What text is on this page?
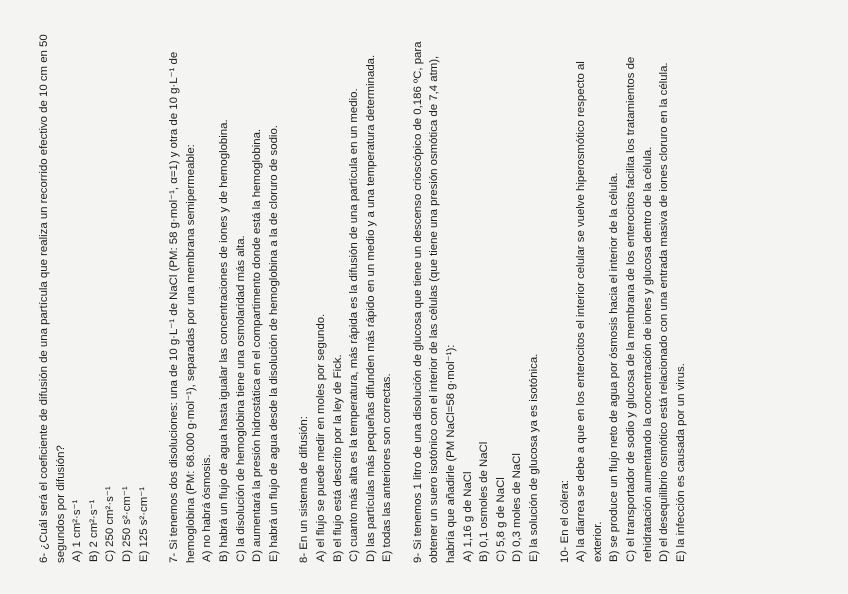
6- ¿Cuál será el coeficiente de difusión de una partícula que realiza un recorrido efectivo de 10 cm en 50 segundos por difusión? A) 1 cm²·s⁻¹ B) 2 cm²·s⁻¹ C) 250 cm²·s⁻¹ D) 250 s²·cm⁻¹ E) 125 s²·cm⁻¹ 7- Si tenemos dos disoluciones: una de 10 g·L⁻¹ de NaCl (PM: 58 g·mol⁻¹, α=1) y otra de 10 g·L⁻¹ de hemoglobina (PM: 68.000 g·mol⁻¹), separadas por una membrana semipermeable: A) no habrá ósmosis. B) habrá un flujo de agua hasta igualar las concentraciones de iones y de hemoglobina. C) la disolución de hemoglobina tiene una osmolaridad más alta. D) aumentará la presión hidrostática en el compartimento donde está la hemoglobina. E) habrá un flujo de agua desde la disolución de hemoglobina a la de cloruro de sodio. 8- En un sistema de difusión: A) el flujo se puede medir en moles por segundo. B) el flujo está descrito por la ley de Fick. C) cuanto más alta es la temperatura, más rápida es la difusión de una partícula en un medio. D) las partículas más pequeñas difunden más rápido en un medio y a una temperatura determinada. E) todas las anteriores son correctas. 9- Si tenemos 1 litro de una disolución de glucosa que tiene un descenso crioscópico de 0,186 ºC, para obtener un suero isotónico con el interior de las células (que tiene una presión osmótica de 7,4 atm), habría que añadirle (PM NaCl=58 g·mol⁻¹): A) 1,16 g de NaCl B) 0,1 osmoles de NaCl C) 5,8 g de NaCl D) 0,3 moles de NaCl E) la solución de glucosa ya es isotónica. 10- En el cólera: A) la diarrea se debe a que en los enterocitos el interior celular se vuelve hiperosmótico respecto al exterior. B) se produce un flujo neto de agua por ósmosis hacia el interior de la célula. C) el transportador de sodio y glucosa de la membrana de los enterocitos facilita los tratamientos de rehidratación aumentando la concentración de iones y glucosa dentro de la célula. D) el desequilibrio osmótico está relacionado con una entrada masiva de iones cloruro en la célula. E) la infección es causada por un virus.
